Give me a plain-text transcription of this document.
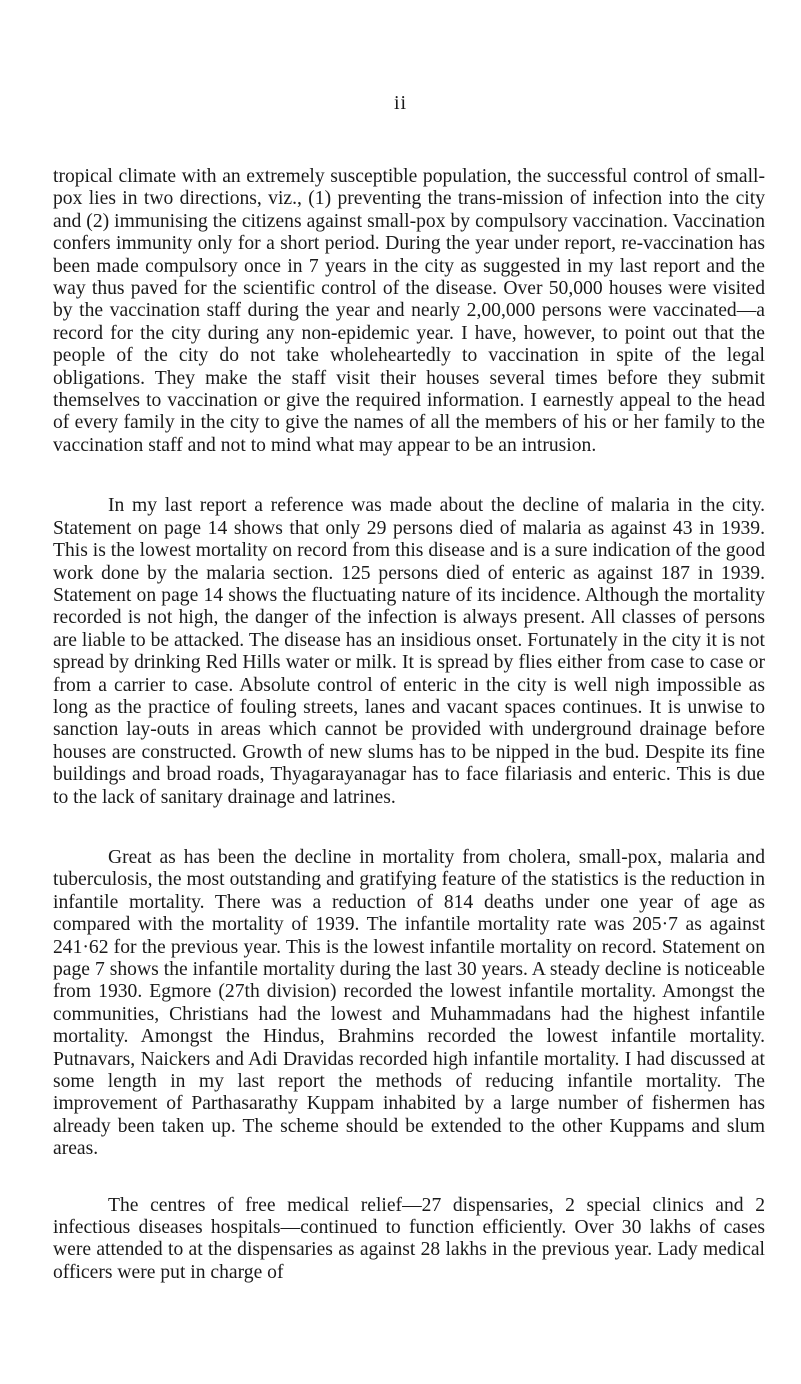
ii

tropical climate with an extremely susceptible population, the successful control of small-pox lies in two directions, viz., (1) preventing the trans-mission of infection into the city and (2) immunising the citizens against small-pox by compulsory vaccination. Vaccination confers immunity only for a short period. During the year under report, re-vaccination has been made compulsory once in 7 years in the city as suggested in my last report and the way thus paved for the scientific control of the disease. Over 50,000 houses were visited by the vaccination staff during the year and nearly 2,00,000 persons were vaccinated—a record for the city during any non-epidemic year. I have, however, to point out that the people of the city do not take wholeheartedly to vaccination in spite of the legal obligations. They make the staff visit their houses several times before they submit themselves to vaccination or give the required information. I earnestly appeal to the head of every family in the city to give the names of all the members of his or her family to the vaccination staff and not to mind what may appear to be an intrusion.

In my last report a reference was made about the decline of malaria in the city. Statement on page 14 shows that only 29 persons died of malaria as against 43 in 1939. This is the lowest mortality on record from this disease and is a sure indication of the good work done by the malaria section. 125 persons died of enteric as against 187 in 1939. Statement on page 14 shows the fluctuating nature of its incidence. Although the mortality recorded is not high, the danger of the infection is always present. All classes of persons are liable to be attacked. The disease has an insidious onset. Fortunately in the city it is not spread by drinking Red Hills water or milk. It is spread by flies either from case to case or from a carrier to case. Absolute control of enteric in the city is well nigh impossible as long as the practice of fouling streets, lanes and vacant spaces continues. It is unwise to sanction lay-outs in areas which cannot be provided with underground drainage before houses are constructed. Growth of new slums has to be nipped in the bud. Despite its fine buildings and broad roads, Thyagarayanagar has to face filariasis and enteric. This is due to the lack of sanitary drainage and latrines.

Great as has been the decline in mortality from cholera, small-pox, malaria and tuberculosis, the most outstanding and gratifying feature of the statistics is the reduction in infantile mortality. There was a reduction of 814 deaths under one year of age as compared with the mortality of 1939. The infantile mortality rate was 205·7 as against 241·62 for the previous year. This is the lowest infantile mortality on record. Statement on page 7 shows the infantile mortality during the last 30 years. A steady decline is noticeable from 1930. Egmore (27th division) recorded the lowest infantile mortality. Amongst the communities, Christians had the lowest and Muhammadans had the highest infantile mortality. Amongst the Hindus, Brahmins recorded the lowest infantile mortality. Putnavars, Naickers and Adi Dravidas recorded high infantile mortality. I had discussed at some length in my last report the methods of reducing infantile mortality. The improvement of Parthasarathy Kuppam inhabited by a large number of fishermen has already been taken up. The scheme should be extended to the other Kuppams and slum areas.

The centres of free medical relief—27 dispensaries, 2 special clinics and 2 infectious diseases hospitals—continued to function efficiently. Over 30 lakhs of cases were attended to at the dispensaries as against 28 lakhs in the previous year. Lady medical officers were put in charge of
